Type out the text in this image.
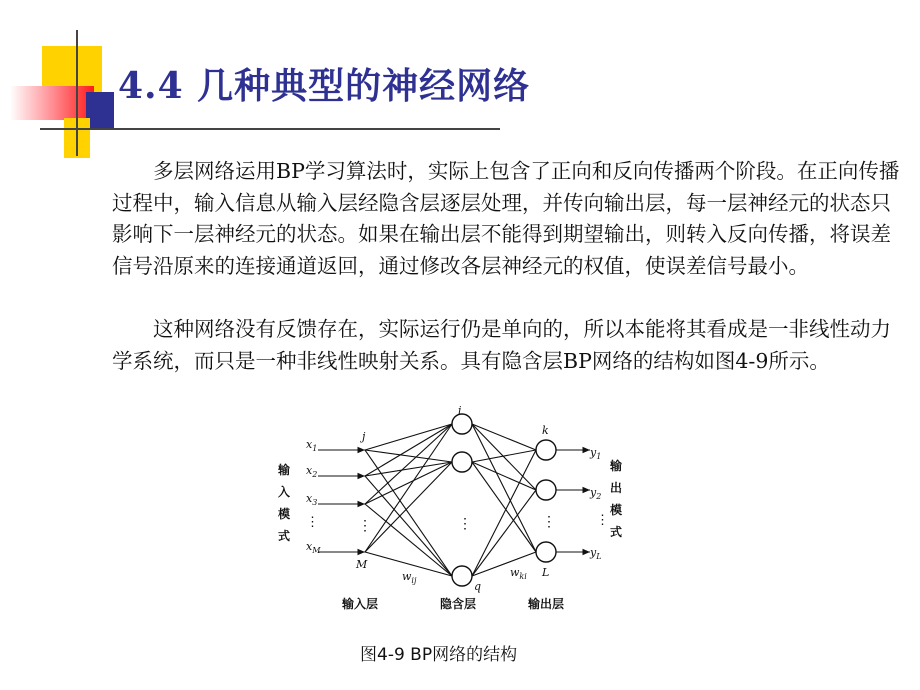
4.4 几种典型的神经网络

多层网络运用BP学习算法时，实际上包含了正向和反向传播两个阶段。在正向传播过程中，输入信息从输入层经隐含层逐层处理，并传向输出层，每一层神经元的状态只影响下一层神经元的状态。如果在输出层不能得到期望输出，则转入反向传播，将误差信号沿原来的连接通道返回，通过修改各层神经元的权值，使误差信号最小。

这种网络没有反馈存在，实际运行仍是单向的，所以本能将其看成是一非线性动力学系统，而只是一种非线性映射关系。具有隐含层BP网络的结构如图4-9所示。

$x_1$
$x_2$
$x_3$
⋮
$x_M$
⋮
⋮
$y_1$
$y_2$
⋮
$y_L$
⋮
j
M
i
q
k
L
$w_{ij}$
$w_{ki}$
输
入
模
式
输
出
模
式
输入层	隐含层	输出层
图4-9 BP网络的结构
